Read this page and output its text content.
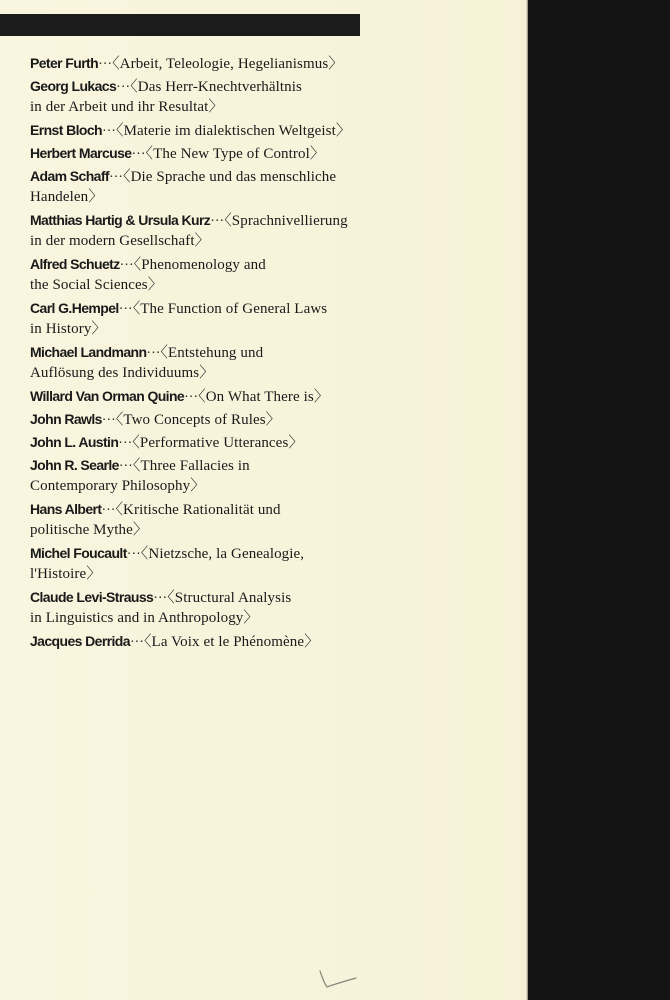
Peter Furth···〈Arbeit, Teleologie, Hegelianismus〉
Georg Lukacs···〈Das Herr-Knechtverhältnis
in der Arbeit und ihr Resultat〉
Ernst Bloch···〈Materie im dialektischen Weltgeist〉
Herbert Marcuse···〈The New Type of Control〉
Adam Schaff···〈Die Sprache und das menschliche
Handelen〉
Matthias Hartig & Ursula Kurz···〈Sprachnivellierung
in der modern Gesellschaft〉
Alfred Schuetz···〈Phenomenology and
the Social Sciences〉
Carl G.Hempel···〈The Function of General Laws
in History〉
Michael Landmann···〈Entstehung und
Auflösung des Individuums〉
Willard Van Orman Quine···〈On What There is〉
John Rawls···〈Two Concepts of Rules〉
John L. Austin···〈Performative Utterances〉
John R. Searle···〈Three Fallacies in
Contemporary Philosophy〉
Hans Albert···〈Kritische Rationalität und
politische Mythe〉
Michel Foucault···〈Nietzsche, la Genealogie,
l'Histoire〉
Claude Levi-Strauss···〈Structural Analysis
in Linguistics and in Anthropology〉
Jacques Derrida···〈La Voix et le Phénomène〉
